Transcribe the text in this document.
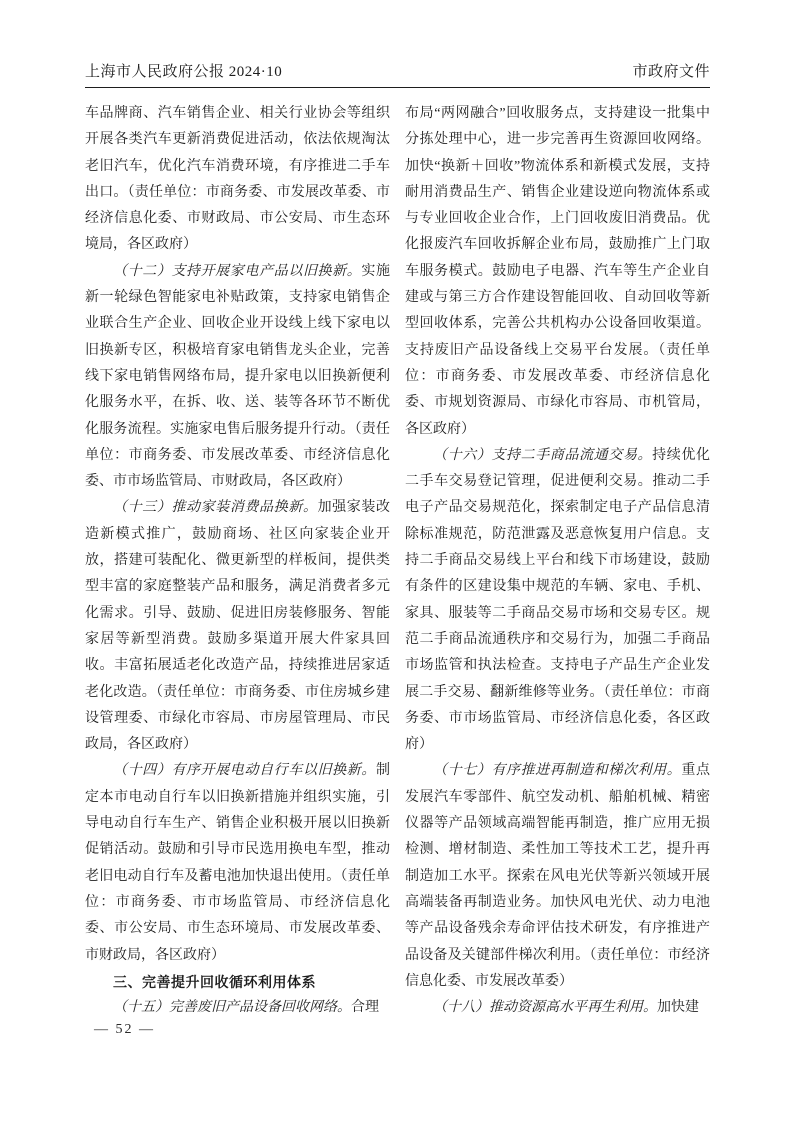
上海市人民政府公报 2024·10	市政府文件

车品牌商、汽车销售企业、相关行业协会等组织开展各类汽车更新消费促进活动，依法依规淘汰老旧汽车，优化汽车消费环境，有序推进二手车出口。（责任单位：市商务委、市发展改革委、市经济信息化委、市财政局、市公安局、市生态环境局，各区政府）

（十二）支持开展家电产品以旧换新。实施新一轮绿色智能家电补贴政策，支持家电销售企业联合生产企业、回收企业开设线上线下家电以旧换新专区，积极培育家电销售龙头企业，完善线下家电销售网络布局，提升家电以旧换新便利化服务水平，在拆、收、送、装等各环节不断优化服务流程。实施家电售后服务提升行动。（责任单位：市商务委、市发展改革委、市经济信息化委、市市场监管局、市财政局，各区政府）

（十三）推动家装消费品换新。加强家装改造新模式推广，鼓励商场、社区向家装企业开放，搭建可装配化、微更新型的样板间，提供类型丰富的家庭整装产品和服务，满足消费者多元化需求。引导、鼓励、促进旧房装修服务、智能家居等新型消费。鼓励多渠道开展大件家具回收。丰富拓展适老化改造产品，持续推进居家适老化改造。（责任单位：市商务委、市住房城乡建设管理委、市绿化市容局、市房屋管理局、市民政局，各区政府）

（十四）有序开展电动自行车以旧换新。制定本市电动自行车以旧换新措施并组织实施，引导电动自行车生产、销售企业积极开展以旧换新促销活动。鼓励和引导市民选用换电车型，推动老旧电动自行车及蓄电池加快退出使用。（责任单位：市商务委、市市场监管局、市经济信息化委、市公安局、市生态环境局、市发展改革委、市财政局，各区政府）

三、完善提升回收循环利用体系

（十五）完善废旧产品设备回收网络。合理

布局“两网融合”回收服务点，支持建设一批集中分拣处理中心，进一步完善再生资源回收网络。加快“换新＋回收”物流体系和新模式发展，支持耐用消费品生产、销售企业建设逆向物流体系或与专业回收企业合作，上门回收废旧消费品。优化报废汽车回收拆解企业布局，鼓励推广上门取车服务模式。鼓励电子电器、汽车等生产企业自建或与第三方合作建设智能回收、自动回收等新型回收体系，完善公共机构办公设备回收渠道。支持废旧产品设备线上交易平台发展。（责任单位：市商务委、市发展改革委、市经济信息化委、市规划资源局、市绿化市容局、市机管局，各区政府）

（十六）支持二手商品流通交易。持续优化二手车交易登记管理，促进便利交易。推动二手电子产品交易规范化，探索制定电子产品信息清除标准规范，防范泄露及恶意恢复用户信息。支持二手商品交易线上平台和线下市场建设，鼓励有条件的区建设集中规范的车辆、家电、手机、家具、服装等二手商品交易市场和交易专区。规范二手商品流通秩序和交易行为，加强二手商品市场监管和执法检查。支持电子产品生产企业发展二手交易、翻新维修等业务。（责任单位：市商务委、市市场监管局、市经济信息化委，各区政府）

（十七）有序推进再制造和梯次利用。重点发展汽车零部件、航空发动机、船舶机械、精密仪器等产品领域高端智能再制造，推广应用无损检测、增材制造、柔性加工等技术工艺，提升再制造加工水平。探索在风电光伏等新兴领域开展高端装备再制造业务。加快风电光伏、动力电池等产品设备残余寿命评估技术研发，有序推进产品设备及关键部件梯次利用。（责任单位：市经济信息化委、市发展改革委）

（十八）推动资源高水平再生利用。加快建

— 52 —
